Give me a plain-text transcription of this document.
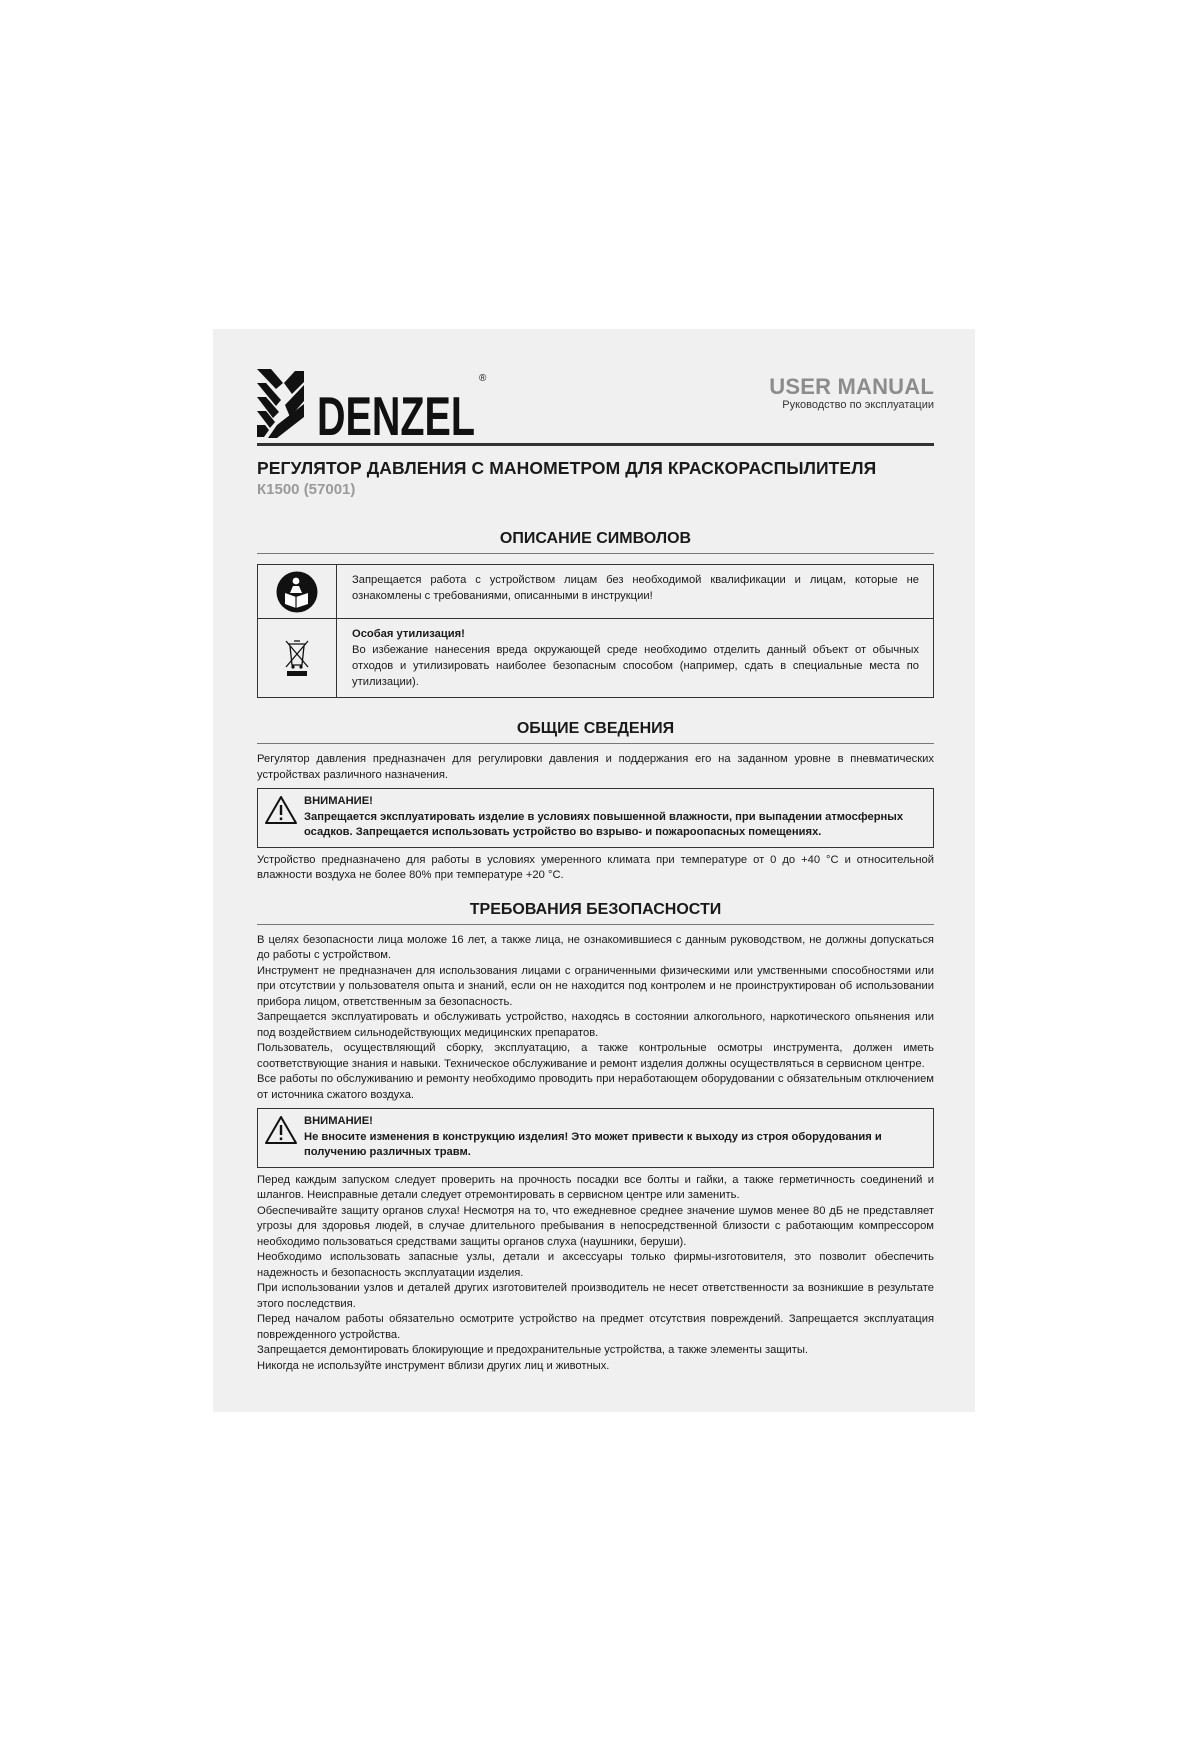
DENZEL
®	USER MANUAL
Руководство по эксплуатации
РЕГУЛЯТОР ДАВЛЕНИЯ С МАНОМЕТРОМ ДЛЯ КРАСКОРАСПЫЛИТЕЛЯ
К1500 (57001)
ОПИСАНИЕ СИМВОЛОВ
Запрещается работа с устройством лицам без необходимой квалификации и лицам, которые не ознакомлены с требованиями, описанными в инструкции!
Особая утилизация!
Во избежание нанесения вреда окружающей среде необходимо отделить данный объект от обычных отходов и утилизировать наиболее безопасным способом (например, сдать в специальные места по утилизации).
ОБЩИЕ СВЕДЕНИЯ
Регулятор давления предназначен для регулировки давления и поддержания его на заданном уровне в пневматических устройствах различного назначения.
ВНИМАНИЕ!
Запрещается эксплуатировать изделие в условиях повышенной влажности, при выпадении атмосферных осадков. Запрещается использовать устройство во взрыво- и пожароопасных помещениях.
Устройство предназначено для работы в условиях умеренного климата при температуре от 0 до +40 °С и относительной влажности воздуха не более 80% при температуре +20 °С.
ТРЕБОВАНИЯ БЕЗОПАСНОСТИ
В целях безопасности лица моложе 16 лет, а также лица, не ознакомившиеся с данным руководством, не должны допускаться до работы с устройством.
Инструмент не предназначен для использования лицами с ограниченными физическими или умственными способностями или при отсутствии у пользователя опыта и знаний, если он не находится под контролем и не проинструктирован об использовании прибора лицом, ответственным за безопасность.
Запрещается эксплуатировать и обслуживать устройство, находясь в состоянии алкогольного, наркотического опьянения или под воздействием сильнодействующих медицинских препаратов.
Пользователь, осуществляющий сборку, эксплуатацию, а также контрольные осмотры инструмента, должен иметь соответствующие знания и навыки. Техническое обслуживание и ремонт изделия должны осуществляться в сервисном центре.
Все работы по обслуживанию и ремонту необходимо проводить при неработающем оборудовании с обязательным отключением от источника сжатого воздуха.
ВНИМАНИЕ!
Не вносите изменения в конструкцию изделия! Это может привести к выходу из строя оборудования и получению различных травм.
Перед каждым запуском следует проверить на прочность посадки все болты и гайки, а также герметичность соединений и шлангов. Неисправные детали следует отремонтировать в сервисном центре или заменить.
Обеспечивайте защиту органов слуха! Несмотря на то, что ежедневное среднее значение шумов менее 80 дБ не представляет угрозы для здоровья людей, в случае длительного пребывания в непосредственной близости с работающим компрессором необходимо пользоваться средствами защиты органов слуха (наушники, беруши).
Необходимо использовать запасные узлы, детали и аксессуары только фирмы-изготовителя, это позволит обеспечить надежность и безопасность эксплуатации изделия.
При использовании узлов и деталей других изготовителей производитель не несет ответственности за возникшие в результате этого последствия.
Перед началом работы обязательно осмотрите устройство на предмет отсутствия повреждений. Запрещается эксплуатация поврежденного устройства.
Запрещается демонтировать блокирующие и предохранительные устройства, а также элементы защиты.
Никогда не используйте инструмент вблизи других лиц и животных.
